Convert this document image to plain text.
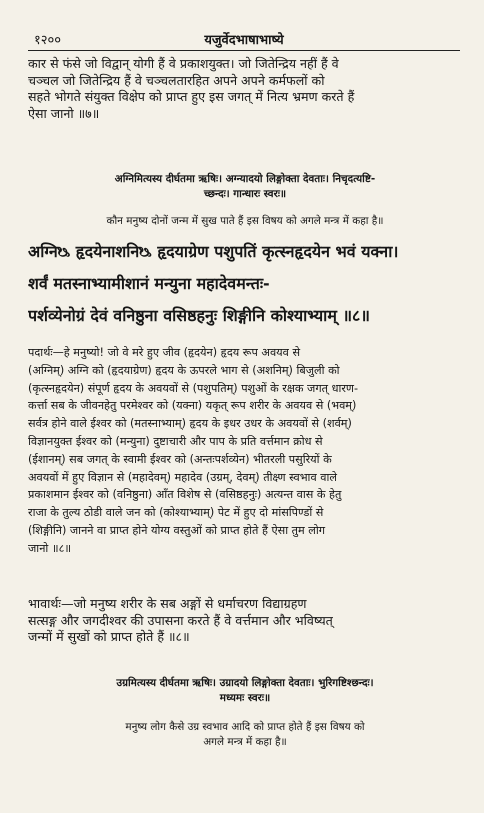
१२००	यजुर्वेदभाषाभाष्ये
कार से फंसे जो विद्वान् योगी हैं वे प्रकाशयुक्त। जो जितेन्द्रिय नहीं हैं वे
चञ्चल जो जितेन्द्रिय हैं वे चञ्चलतारहित अपने अपने कर्मफलों को
सहते भोगते संयुक्त विक्षेप को प्राप्त हुए इस जगत् में नित्य भ्रमण करते हैं
ऐसा जानो ॥७॥
अग्निमित्यस्य दीर्घतमा ऋषिः। अग्न्यादयो लिङ्गोक्ता देवताः। निचृदत्यष्टि-
च्छन्दः। गान्धारः स्वरः॥
कौन मनुष्य दोनों जन्म में सुख पाते हैं इस विषय को अगले मन्त्र में कहा है॥
अग्निᳬ हृदयेनाशनिᳬ हृदयाग्रेण पशुपतिं कृत्स्नहृदयेन भवं यक्ना।
शर्वं मतस्नाभ्यामीशानं मन्युना महादेवमन्तः-
पर्शव्येनोग्रं देवं वनिष्ठुना वसिष्ठहनुः शिङ्गीनि कोश्याभ्याम् ॥८॥
पदार्थः—हे मनुष्यो! जो वे मरे हुए जीव (हृदयेन) हृदय रूप अवयव से
(अग्निम्) अग्नि को (हृदयाग्रेण) हृदय के ऊपरले भाग से (अशनिम्) बिजुली को
(कृत्स्नहृदयेन) संपूर्ण हृदय के अवयवों से (पशुपतिम्) पशुओं के रक्षक जगत् धारण-
कर्त्ता सब के जीवनहेतु परमेश्वर को (यक्ना) यकृत् रूप शरीर के अवयव से (भवम्)
सर्वत्र होने वाले ईश्वर को (मतस्नाभ्याम्) हृदय के इधर उधर के अवयवों से (शर्वम्)
विज्ञानयुक्त ईश्वर को (मन्युना) दुष्टाचारी और पाप के प्रति वर्त्तमान क्रोध से
(ईशानम्) सब जगत् के स्वामी ईश्वर को (अन्तःपर्शव्येन) भीतरली पसुरियों के
अवयवों में हुए विज्ञान से (महादेवम्) महादेव (उग्रम्, देवम्) तीक्ष्ण स्वभाव वाले
प्रकाशमान ईश्वर को (वनिष्ठुना) आँत विशेष से (वसिष्ठहनुः) अत्यन्त वास के हेतु
राजा के तुल्य ठोडी वाले जन को (कोश्याभ्याम्) पेट में हुए दो मांसपिण्डों से
(शिङ्गीनि) जानने वा प्राप्त होने योग्य वस्तुओं को प्राप्त होते हैं ऐसा तुम लोग
जानो ॥८॥
भावार्थः—जो मनुष्य शरीर के सब अङ्गों से धर्माचरण विद्याग्रहण
सत्सङ्ग और जगदीश्वर की उपासना करते हैं वे वर्त्तमान और भविष्यत्
जन्मों में सुखों को प्राप्त होते हैं ॥८॥
उग्रमित्यस्य दीर्घतमा ऋषिः। उग्रादयो लिङ्गोक्ता देवताः। भुरिगष्टिश्छन्दः।
मध्यमः स्वरः॥
मनुष्य लोग कैसे उग्र स्वभाव आदि को प्राप्त होते हैं इस विषय को
अगले मन्त्र में कहा है॥
